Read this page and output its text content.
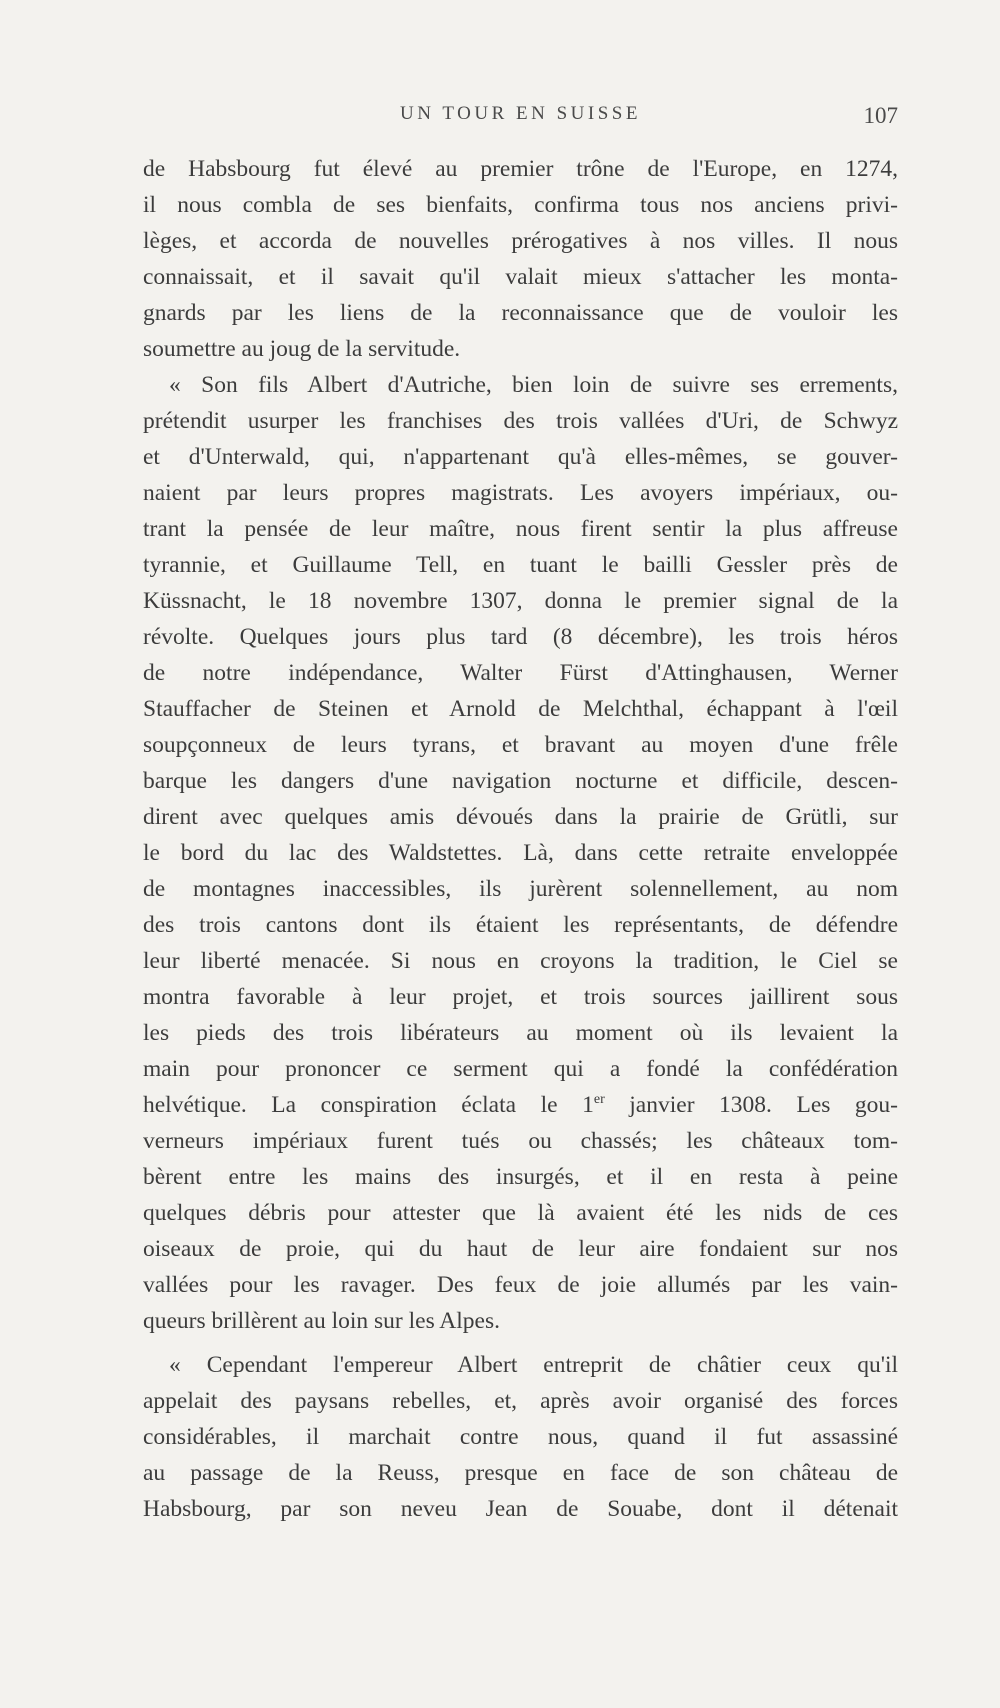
UN TOUR EN SUISSE	107
de Habsbourg fut élevé au premier trône de l'Europe, en 1274,
il nous combla de ses bienfaits, confirma tous nos anciens privi-
lèges, et accorda de nouvelles prérogatives à nos villes. Il nous
connaissait, et il savait qu'il valait mieux s'attacher les monta-
gnards par les liens de la reconnaissance que de vouloir les
soumettre au joug de la servitude.
« Son fils Albert d'Autriche, bien loin de suivre ses errements,
prétendit usurper les franchises des trois vallées d'Uri, de Schwyz
et d'Unterwald, qui, n'appartenant qu'à elles-mêmes, se gouver-
naient par leurs propres magistrats. Les avoyers impériaux, ou-
trant la pensée de leur maître, nous firent sentir la plus affreuse
tyrannie, et Guillaume Tell, en tuant le bailli Gessler près de
Küssnacht, le 18 novembre 1307, donna le premier signal de la
révolte. Quelques jours plus tard (8 décembre), les trois héros
de notre indépendance, Walter Fürst d'Attinghausen, Werner
Stauffacher de Steinen et Arnold de Melchthal, échappant à l'œil
soupçonneux de leurs tyrans, et bravant au moyen d'une frêle
barque les dangers d'une navigation nocturne et difficile, descen-
dirent avec quelques amis dévoués dans la prairie de Grütli, sur
le bord du lac des Waldstettes. Là, dans cette retraite enveloppée
de montagnes inaccessibles, ils jurèrent solennellement, au nom
des trois cantons dont ils étaient les représentants, de défendre
leur liberté menacée. Si nous en croyons la tradition, le Ciel se
montra favorable à leur projet, et trois sources jaillirent sous
les pieds des trois libérateurs au moment où ils levaient la
main pour prononcer ce serment qui a fondé la confédération
helvétique. La conspiration éclata le 1er janvier 1308. Les gou-
verneurs impériaux furent tués ou chassés; les châteaux tom-
bèrent entre les mains des insurgés, et il en resta à peine
quelques débris pour attester que là avaient été les nids de ces
oiseaux de proie, qui du haut de leur aire fondaient sur nos
vallées pour les ravager. Des feux de joie allumés par les vain-
queurs brillèrent au loin sur les Alpes.
« Cependant l'empereur Albert entreprit de châtier ceux qu'il
appelait des paysans rebelles, et, après avoir organisé des forces
considérables, il marchait contre nous, quand il fut assassiné
au passage de la Reuss, presque en face de son château de
Habsbourg, par son neveu Jean de Souabe, dont il détenait
